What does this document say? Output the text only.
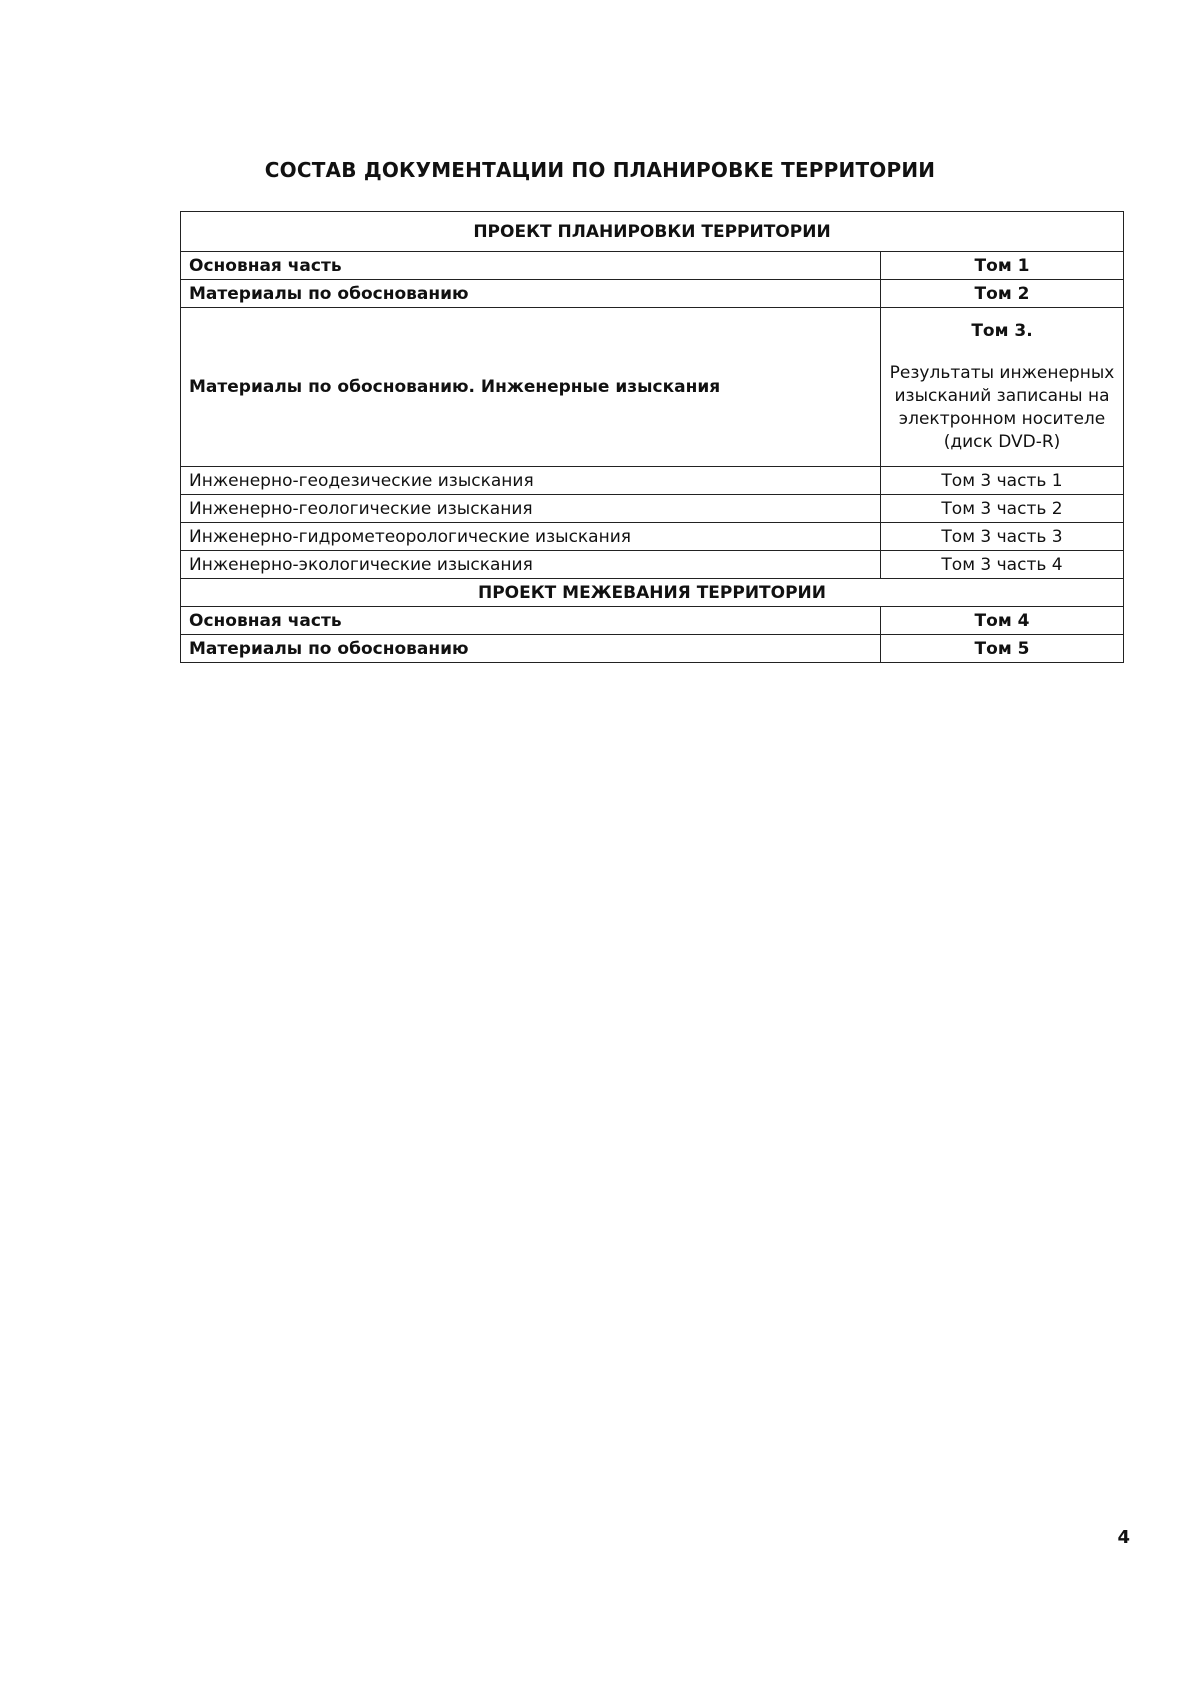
СОСТАВ ДОКУМЕНТАЦИИ ПО ПЛАНИРОВКЕ ТЕРРИТОРИИ
ПРОЕКТ ПЛАНИРОВКИ ТЕРРИТОРИИ	
Основная часть	Том 1
Материалы по обоснованию	Том 2
Материалы по обоснованию. Инженерные изыскания	Том 3.
Результаты инженерных изысканий записаны на электронном носителе (диск DVD-R)

Инженерно-геодезические изыскания	Том 3 часть 1
Инженерно-геологические изыскания	Том 3 часть 2
Инженерно-гидрометеорологические изыскания	Том 3 часть 3
Инженерно-экологические изыскания	Том 3 часть 4
ПРОЕКТ МЕЖЕВАНИЯ ТЕРРИТОРИИ	
Основная часть	Том 4
Материалы по обоснованию	Том 5
4
